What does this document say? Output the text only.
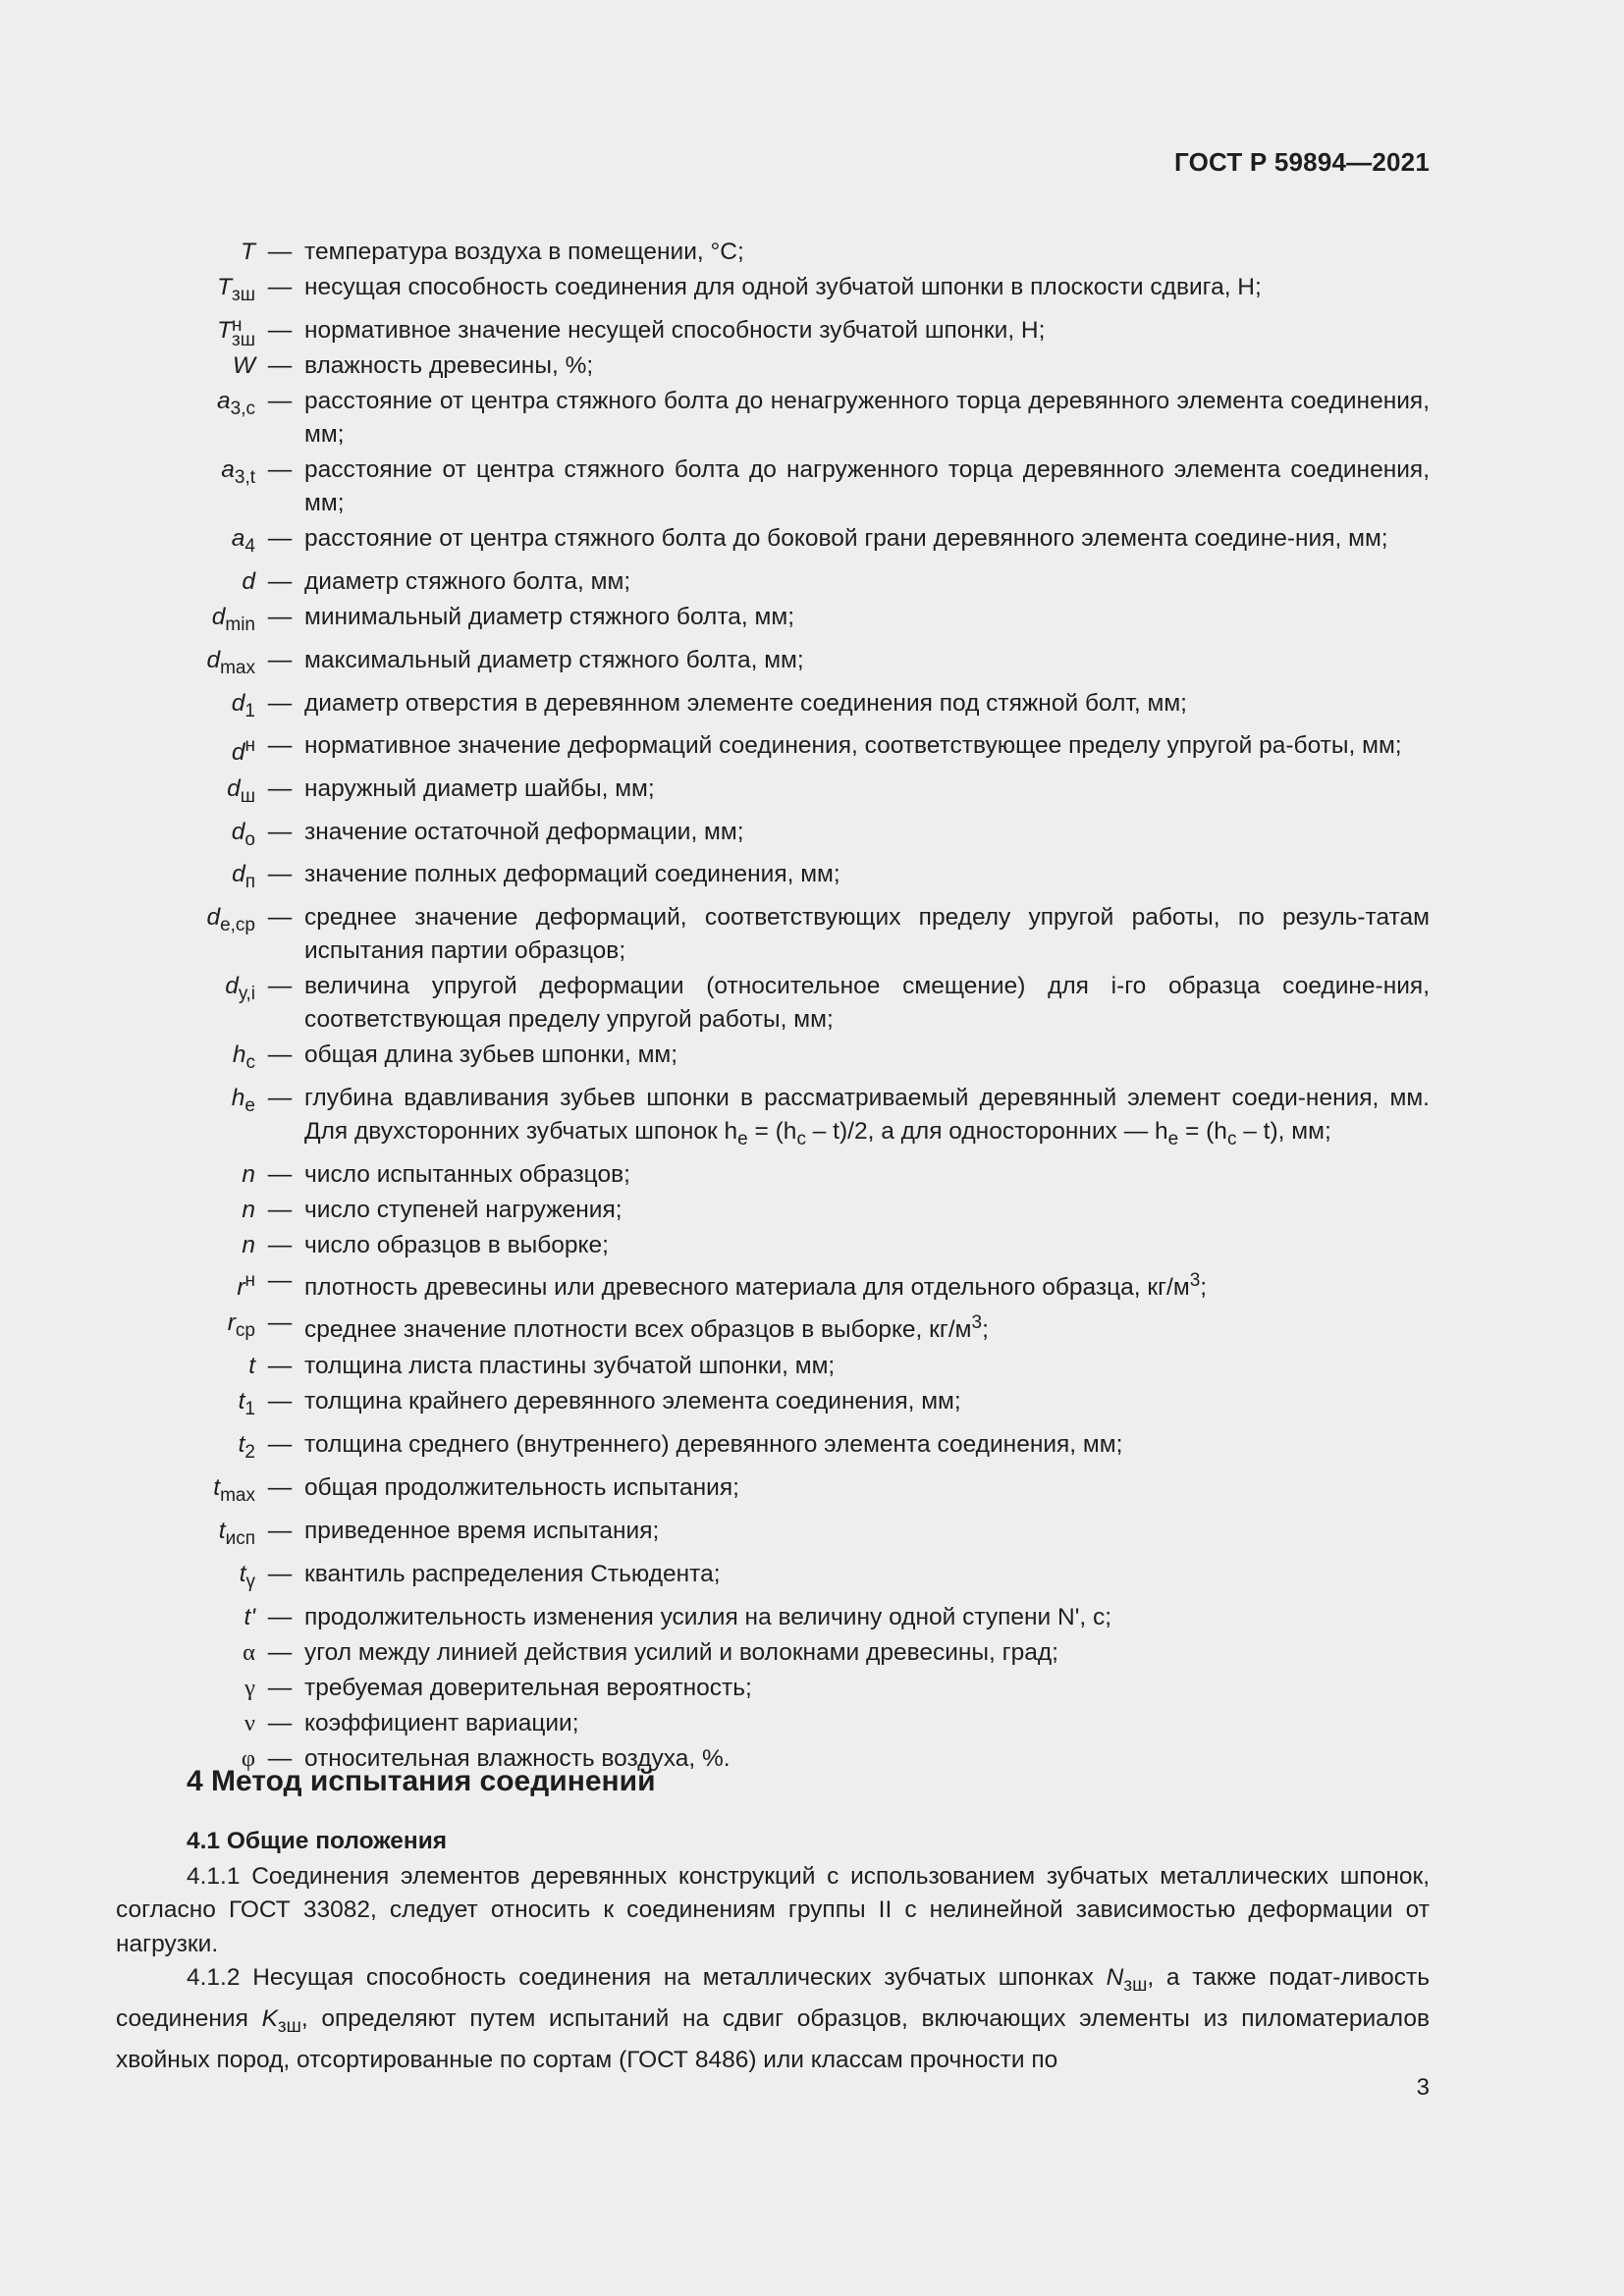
ГОСТ Р 59894—2021
T — температура воздуха в помещении, °С;
$T_{зш}$ — несущая способность соединения для одной зубчатой шпонки в плоскости сдвига, Н;
T н
зш — нормативное значение несущей способности зубчатой шпонки, Н;
W — влажность древесины, %;
$a_{3,с}$ — расстояние от центра стяжного болта до ненагруженного торца деревянного элемента соединения, мм;
$a_{3,t}$ — расстояние от центра стяжного болта до нагруженного торца деревянного элемента соединения, мм;
$a_4$ — расстояние от центра стяжного болта до боковой грани деревянного элемента соедине-ния, мм;
d — диаметр стяжного болта, мм;
$d_{min}$ — минимальный диаметр стяжного болта, мм;
$d_{max}$ — максимальный диаметр стяжного болта, мм;
$d_1$ — диаметр отверстия в деревянном элементе соединения под стяжной болт, мм;
$d^н$ — нормативное значение деформаций соединения, соответствующее пределу упругой ра-боты, мм;
$d_ш$ — наружный диаметр шайбы, мм;
$d_о$ — значение остаточной деформации, мм;
$d_п$ — значение полных деформаций соединения, мм;
$d_{e,ср}$ — среднее значение деформаций, соответствующих пределу упругой работы, по резуль-татам испытания партии образцов;
$d_{у,i}$ — величина упругой деформации (относительное смещение) для i-го образца соедине-ния, соответствующая пределу упругой работы, мм;
$h_с$ — общая длина зубьев шпонки, мм;
$h_е$ — глубина вдавливания зубьев шпонки в рассматриваемый деревянный элемент соеди-нения, мм. Для двухсторонних зубчатых шпонок $h_е = (h_с - t)/2$, а для односторонних — $h_е = (h_с - t)$, мм;
n — число испытанных образцов;
n — число ступеней нагружения;
n — число образцов в выборке;
$r^н$ — плотность древесины или древесного материала для отдельного образца, $кг/м^3$;
$r_{ср}$ — среднее значение плотности всех образцов в выборке, $кг/м^3$;
t — толщина листа пластины зубчатой шпонки, мм;
$t_1$ — толщина крайнего деревянного элемента соединения, мм;
$t_2$ — толщина среднего (внутреннего) деревянного элемента соединения, мм;
$t_{max}$ — общая продолжительность испытания;
$t_{исп}$ — приведенное время испытания;
$t_\gamma$ — квантиль распределения Стьюдента;
t' — продолжительность изменения усилия на величину одной ступени N', с;
α — угол между линией действия усилий и волокнами древесины, град;
γ — требуемая доверительная вероятность;
ν — коэффициент вариации;
φ — относительная влажность воздуха, %.
4 Метод испытания соединений
4.1 Общие положения

4.1.1 Соединения элементов деревянных конструкций с использованием зубчатых металлических шпонок, согласно ГОСТ 33082, следует относить к соединениям группы II с нелинейной зависимостью деформации от нагрузки.

4.1.2 Несущая способность соединения на металлических зубчатых шпонках $N_{зш}$, а также подат-ливость соединения $K_{зш}$, определяют путем испытаний на сдвиг образцов, включающих элементы из пиломатериалов хвойных пород, отсортированные по сортам (ГОСТ 8486) или классам прочности по

3
